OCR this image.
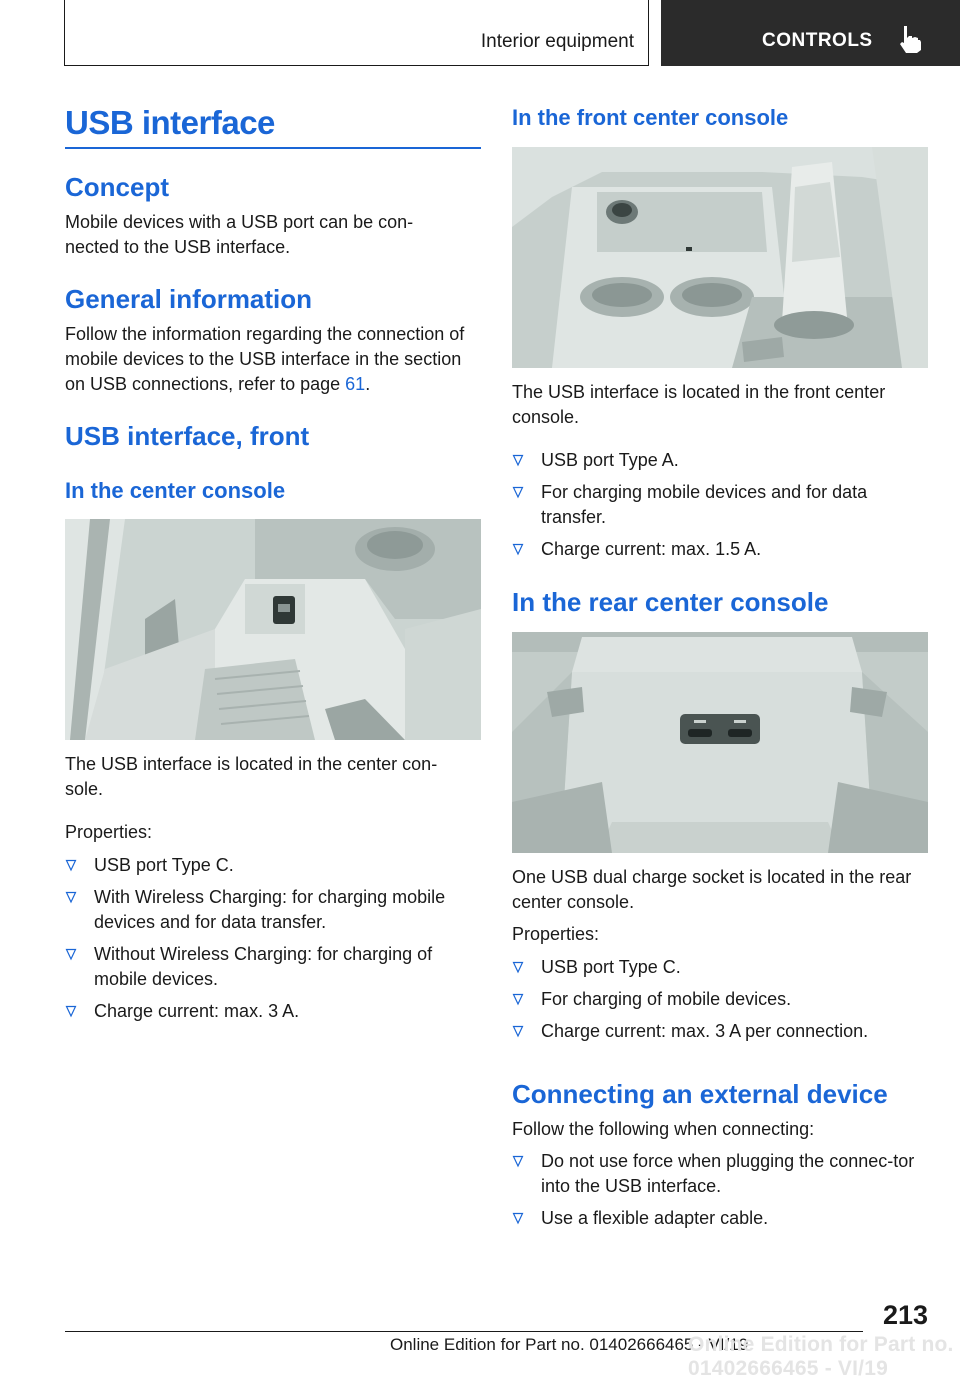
Interior equipment	CONTROLS
USB interface
Concept
Mobile devices with a USB port can be con‐nected to the USB interface.
General information
Follow the information regarding the connection of mobile devices to the USB interface in the section on USB connections, refer to page 61.
USB interface, front
In the center console
The USB interface is located in the center con‐sole.
Properties:
USB port Type C.
With Wireless Charging: for charging mobile devices and for data transfer.
Without Wireless Charging: for charging of mobile devices.
Charge current: max. 3 A.
In the front center console
The USB interface is located in the front center console.
USB port Type A.
For charging mobile devices and for data transfer.
Charge current: max. 1.5 A.
In the rear center console
One USB dual charge socket is located in the rear center console.
Properties:
USB port Type C.
For charging of mobile devices.
Charge current: max. 3 A per connection.
Connecting an external device
Follow the following when connecting:
Do not use force when plugging the connec‐tor into the USB interface.
Use a flexible adapter cable.
213
Online Edition for Part no. 01402666465 - VI/19
Online Edition for Part no. 01402666465 - VI/19
